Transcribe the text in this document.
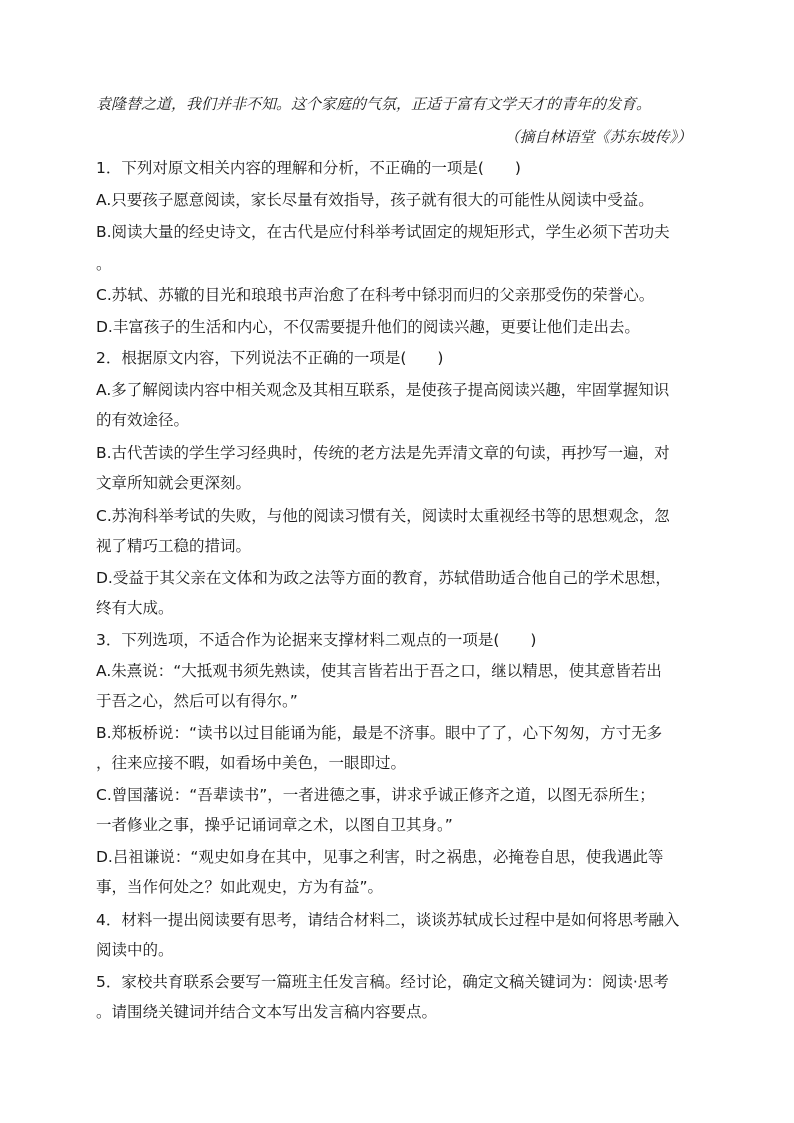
袁隆替之道，我们并非不知。这个家庭的气氛，正适于富有文学天才的青年的发育。
（摘自林语堂《苏东坡传》）
1．下列对原文相关内容的理解和分析，不正确的一项是(　　)
A.只要孩子愿意阅读，家长尽量有效指导，孩子就有很大的可能性从阅读中受益。
B.阅读大量的经史诗文，在古代是应付科举考试固定的规矩形式，学生必须下苦功夫
。
C.苏轼、苏辙的目光和琅琅书声治愈了在科考中铩羽而归的父亲那受伤的荣誉心。
D.丰富孩子的生活和内心，不仅需要提升他们的阅读兴趣，更要让他们走出去。
2．根据原文内容，下列说法不正确的一项是(　　)
A.多了解阅读内容中相关观念及其相互联系，是使孩子提高阅读兴趣，牢固掌握知识
的有效途径。
B.古代苦读的学生学习经典时，传统的老方法是先弄清文章的句读，再抄写一遍，对
文章所知就会更深刻。
C.苏洵科举考试的失败，与他的阅读习惯有关，阅读时太重视经书等的思想观念，忽
视了精巧工稳的措词。
D.受益于其父亲在文体和为政之法等方面的教育，苏轼借助适合他自己的学术思想，
终有大成。
3．下列选项，不适合作为论据来支撑材料二观点的一项是(　　)
A.朱熹说：“大抵观书须先熟读，使其言皆若出于吾之口，继以精思，使其意皆若出
于吾之心，然后可以有得尔。”
B.郑板桥说：“读书以过目能诵为能，最是不济事。眼中了了，心下匆匆，方寸无多
，往来应接不暇，如看场中美色，一眼即过。
C.曾国藩说：“吾辈读书”，一者进德之事，讲求乎诚正修齐之道，以图无忝所生；
一者修业之事，操乎记诵词章之术，以图自卫其身。”
D.吕祖谦说：“观史如身在其中，见事之利害，时之祸患，必掩卷自思，使我遇此等
事，当作何处之？如此观史，方为有益”。
4．材料一提出阅读要有思考，请结合材料二，谈谈苏轼成长过程中是如何将思考融入
阅读中的。
5．家校共育联系会要写一篇班主任发言稿。经讨论，确定文稿关键词为：阅读·思考
。请围绕关键词并结合文本写出发言稿内容要点。
